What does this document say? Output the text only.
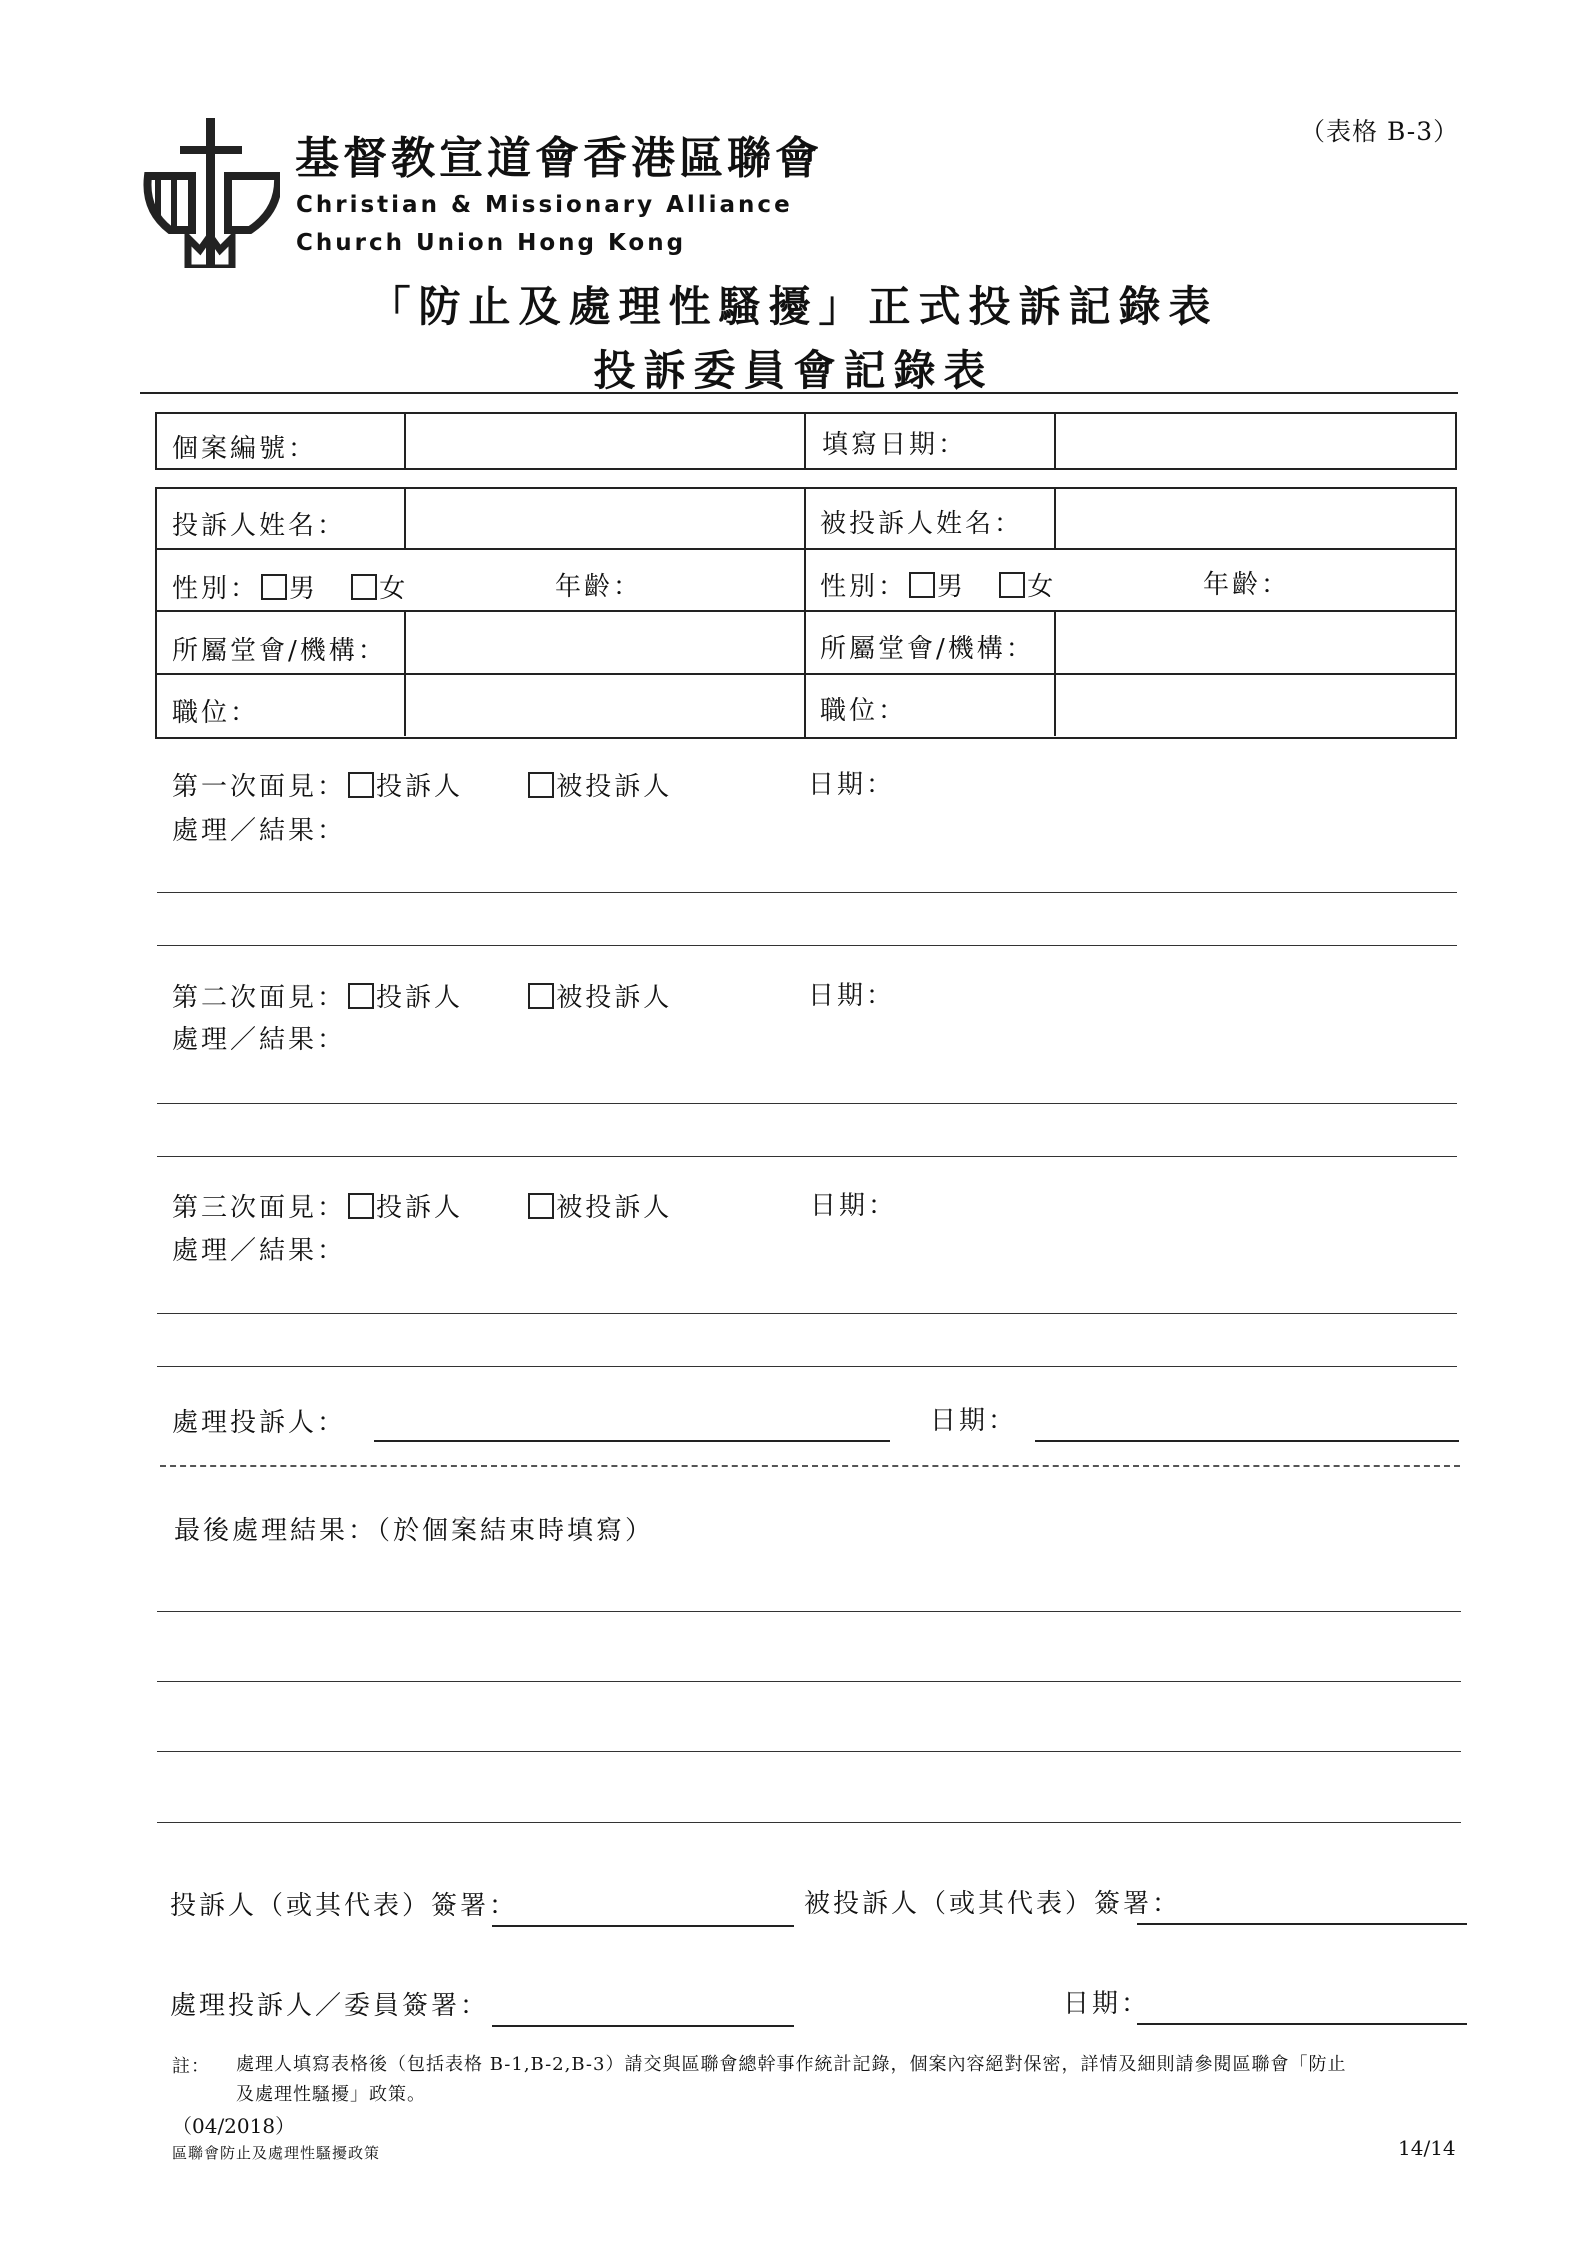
（表格 B-3）
基督教宣道會香港區聯會
Christian & Missionary Alliance
Church Union Hong Kong
「防止及處理性騷擾」正式投訴記錄表
投訴委員會記錄表
個案編號：	填寫日期：
投訴人姓名：	被投訴人姓名：
性別： 男 女	年齡：	性別： 男 女	年齡：
所屬堂會/機構：	所屬堂會/機構：
職位：	職位：
第一次面見： 投訴人	被投訴人	日期：
處理／結果：
第二次面見： 投訴人	被投訴人	日期：
處理／結果：
第三次面見： 投訴人	被投訴人	日期：
處理／結果：
處理投訴人：	日期：
最後處理結果：（於個案結束時填寫）
投訴人（或其代表）簽署：	被投訴人（或其代表）簽署：
處理投訴人／委員簽署：	日期：
註： 處理人填寫表格後（包括表格 B-1,B-2,B-3）請交與區聯會總幹事作統計記錄，個案內容絕對保密，詳情及細則請參閱區聯會「防止
及處理性騷擾」政策。
（04/2018）
區聯會防止及處理性騷擾政策	14/14
